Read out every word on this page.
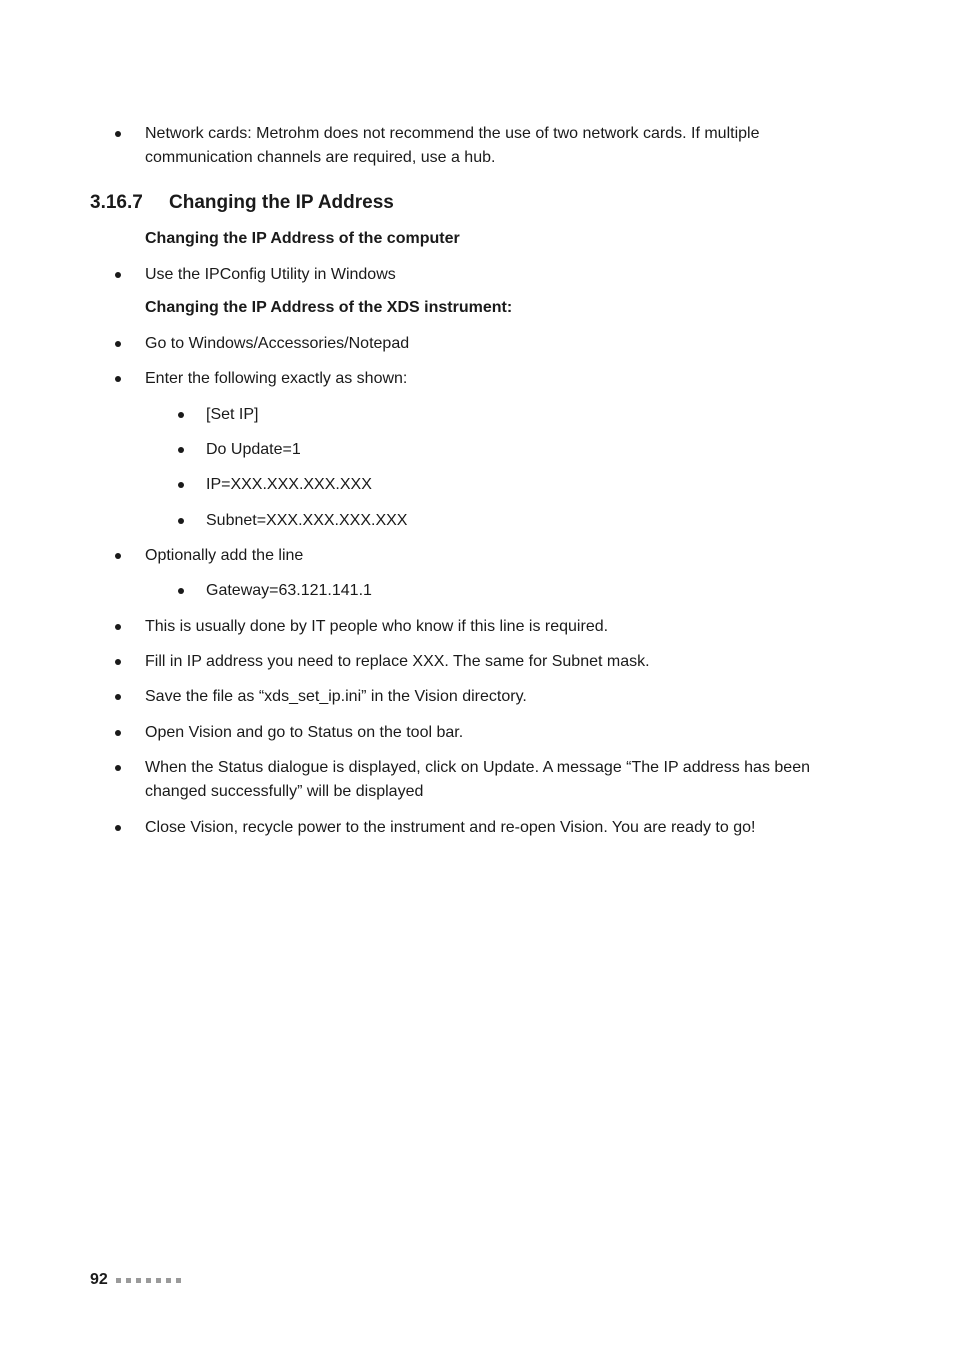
Network cards: Metrohm does not recommend the use of two network cards. If multiple
communication channels are required, use a hub.
3.16.7 Changing the IP Address
Changing the IP Address of the computer
Use the IPConfig Utility in Windows
Changing the IP Address of the XDS instrument:
Go to Windows/Accessories/Notepad
Enter the following exactly as shown:
[Set IP]
Do Update=1
IP=XXX.XXX.XXX.XXX
Subnet=XXX.XXX.XXX.XXX
Optionally add the line
Gateway=63.121.141.1
This is usually done by IT people who know if this line is required.
Fill in IP address you need to replace XXX. The same for Subnet mask.
Save the file as “xds_set_ip.ini” in the Vision directory.
Open Vision and go to Status on the tool bar.
When the Status dialogue is displayed, click on Update. A message “The IP address has been
changed successfully” will be displayed
Close Vision, recycle power to the instrument and re-open Vision. You are ready to go!
92
